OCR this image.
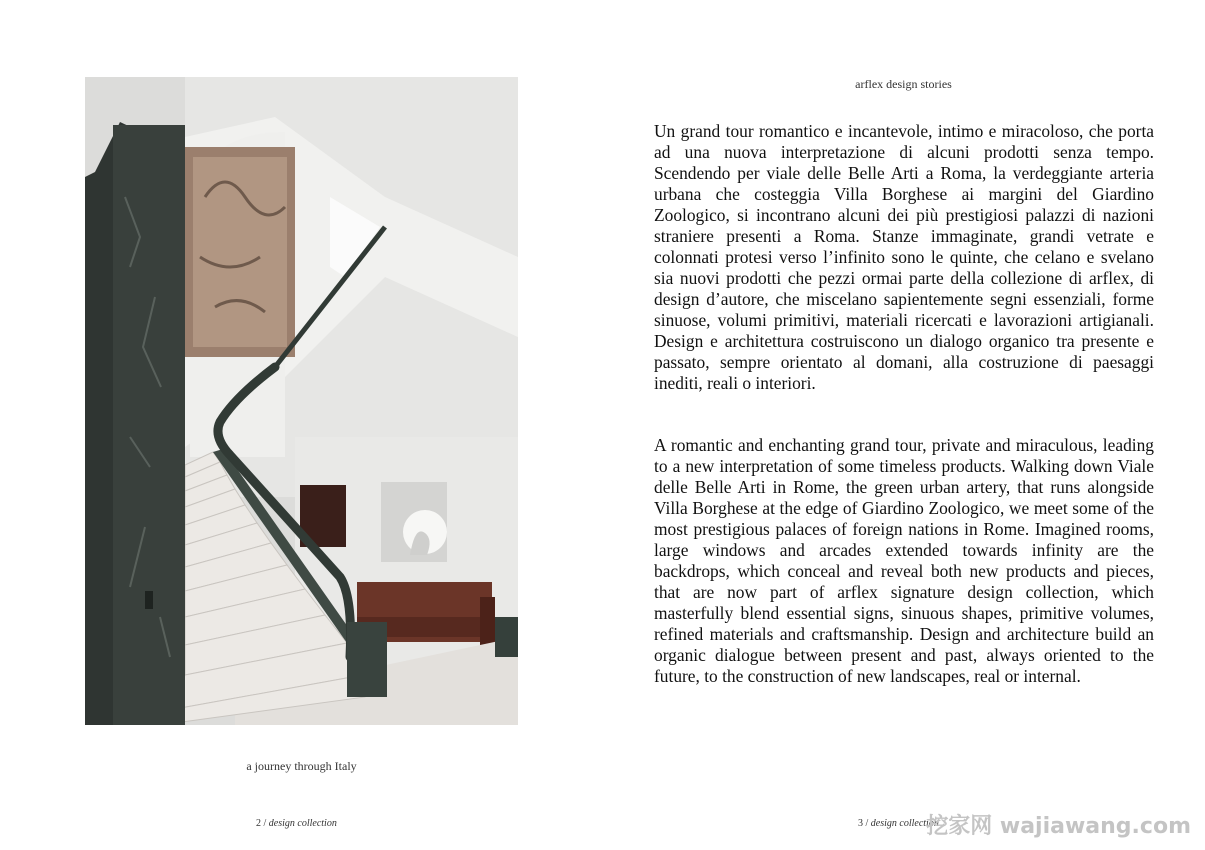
a journey through Italy
2 / design collection
arflex design stories

Un grand tour romantico e incantevole, intimo e miracoloso, che porta ad una nuova interpretazione di alcuni prodotti senza tempo. Scendendo per viale delle Belle Arti a Roma, la verdeggiante arteria urbana che costeggia Villa Borghese ai margini del Giardino Zoologico, si incontrano alcuni dei più prestigiosi palazzi di nazioni straniere presenti a Roma. Stanze immaginate, grandi vetrate e colonnati protesi verso l’infinito sono le quinte, che celano e svelano sia nuovi prodotti che pezzi ormai parte della collezione di arflex, di design d’autore, che miscelano sapientemente segni essenziali, forme sinuose, volumi primitivi, materiali ricercati e lavorazioni artigianali. Design e architettura costruiscono un dialogo organico tra presente e passato, sempre orientato al domani, alla costruzione di paesaggi inediti, reali o interiori.

A romantic and enchanting grand tour, private and miraculous, leading to a new interpretation of some timeless products. Walking down Viale delle Belle Arti in Rome, the green urban artery, that runs alongside Villa Borghese at the edge of Giardino Zoologico, we meet some of the most prestigious palaces of foreign nations in Rome. Imagined rooms, large windows and arcades extended towards infinity are the backdrops, which conceal and reveal both new products and pieces, that are now part of arflex signature design collection, which masterfully blend essential signs, sinuous shapes, primitive volumes, refined materials and craftsmanship. Design and architecture build an organic dialogue between present and past, always oriented to the future, to the construction of new landscapes, real or internal.

3 / design collection
挖家网 wajiawang.com
